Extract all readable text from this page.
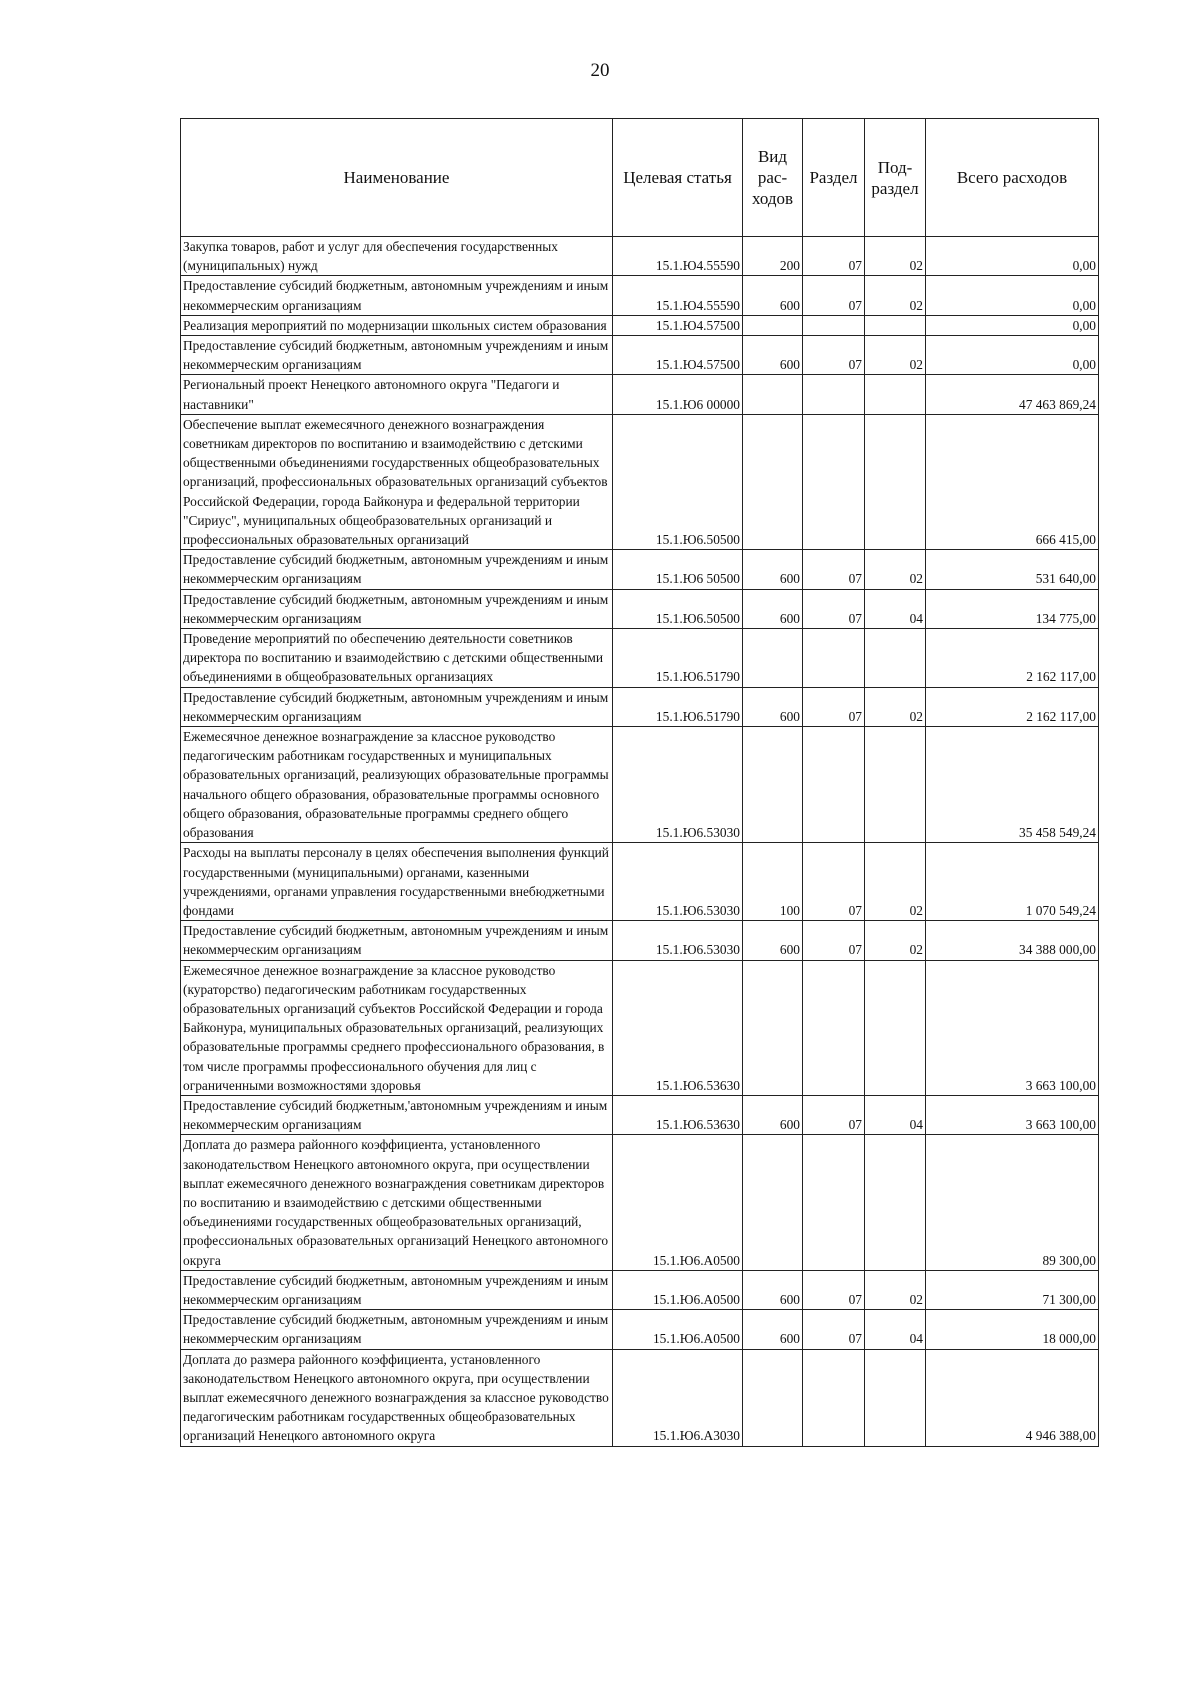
20
Наименование	Целевая статья	Вид рас-ходов	Раздел	Под-раздел	Всего расходов
Закупка товаров, работ и услуг для обеспечения государственных (муниципальных) нужд	15.1.Ю4.55590	200	07	02	0,00
Предоставление субсидий бюджетным, автономным учреждениям и иным некоммерческим организациям	15.1.Ю4.55590	600	07	02	0,00
Реализация мероприятий по модернизации школьных систем образования	15.1.Ю4.57500				0,00
Предоставление субсидий бюджетным, автономным учреждениям и иным некоммерческим организациям	15.1.Ю4.57500	600	07	02	0,00
Региональный проект Ненецкого автономного округа "Педагоги и наставники"	15.1.Ю6 00000				47 463 869,24
Обеспечение выплат ежемесячного денежного вознаграждения советникам директоров по воспитанию и взаимодействию с детскими общественными объединениями государственных общеобразовательных организаций, профессиональных образовательных организаций субъектов Российской Федерации, города Байконура и федеральной территории "Сириус", муниципальных общеобразовательных организаций и профессиональных образовательных организаций	15.1.Ю6.50500				666 415,00
Предоставление субсидий бюджетным, автономным учреждениям и иным некоммерческим организациям	15.1.Ю6 50500	600	07	02	531 640,00
Предоставление субсидий бюджетным, автономным учреждениям и иным некоммерческим организациям	15.1.Ю6.50500	600	07	04	134 775,00
Проведение мероприятий по обеспечению деятельности советников директора по воспитанию и взаимодействию с детскими общественными объединениями в общеобразовательных организациях	15.1.Ю6.51790				2 162 117,00
Предоставление субсидий бюджетным, автономным учреждениям и иным некоммерческим организациям	15.1.Ю6.51790	600	07	02	2 162 117,00
Ежемесячное денежное вознаграждение за классное руководство педагогическим работникам государственных и муниципальных образовательных организаций, реализующих образовательные программы начального общего образования, образовательные программы основного общего образования, образовательные программы среднего общего образования	15.1.Ю6.53030				35 458 549,24
Расходы на выплаты персоналу в целях обеспечения выполнения функций государственными (муниципальными) органами, казенными учреждениями, органами управления государственными внебюджетными фондами	15.1.Ю6.53030	100	07	02	1 070 549,24
Предоставление субсидий бюджетным, автономным учреждениям и иным некоммерческим организациям	15.1.Ю6.53030	600	07	02	34 388 000,00
Ежемесячное денежное вознаграждение за классное руководство (кураторство) педагогическим работникам государственных образовательных организаций субъектов Российской Федерации и города Байконура, муниципальных образовательных организаций, реализующих образовательные программы среднего профессионального образования, в том числе программы профессионального обучения для лиц с ограниченными возможностями здоровья	15.1.Ю6.53630				3 663 100,00
Предоставление субсидий бюджетным,'автономным учреждениям и иным некоммерческим организациям	15.1.Ю6.53630	600	07	04	3 663 100,00
Доплата до размера районного коэффициента, установленного законодательством Ненецкого автономного округа, при осуществлении выплат ежемесячного денежного вознаграждения советникам директоров по воспитанию и взаимодействию с детскими общественными объединениями государственных общеобразовательных организаций, профессиональных образовательных организаций Ненецкого автономного округа	15.1.Ю6.А0500				89 300,00
Предоставление субсидий бюджетным, автономным учреждениям и иным некоммерческим организациям	15.1.Ю6.А0500	600	07	02	71 300,00
Предоставление субсидий бюджетным, автономным учреждениям и иным некоммерческим организациям	15.1.Ю6.А0500	600	07	04	18 000,00
Доплата до размера районного коэффициента, установленного законодательством Ненецкого автономного округа, при осуществлении выплат ежемесячного денежного вознаграждения за классное руководство педагогическим работникам государственных общеобразовательных организаций Ненецкого автономного округа	15.1.Ю6.А3030				4 946 388,00
